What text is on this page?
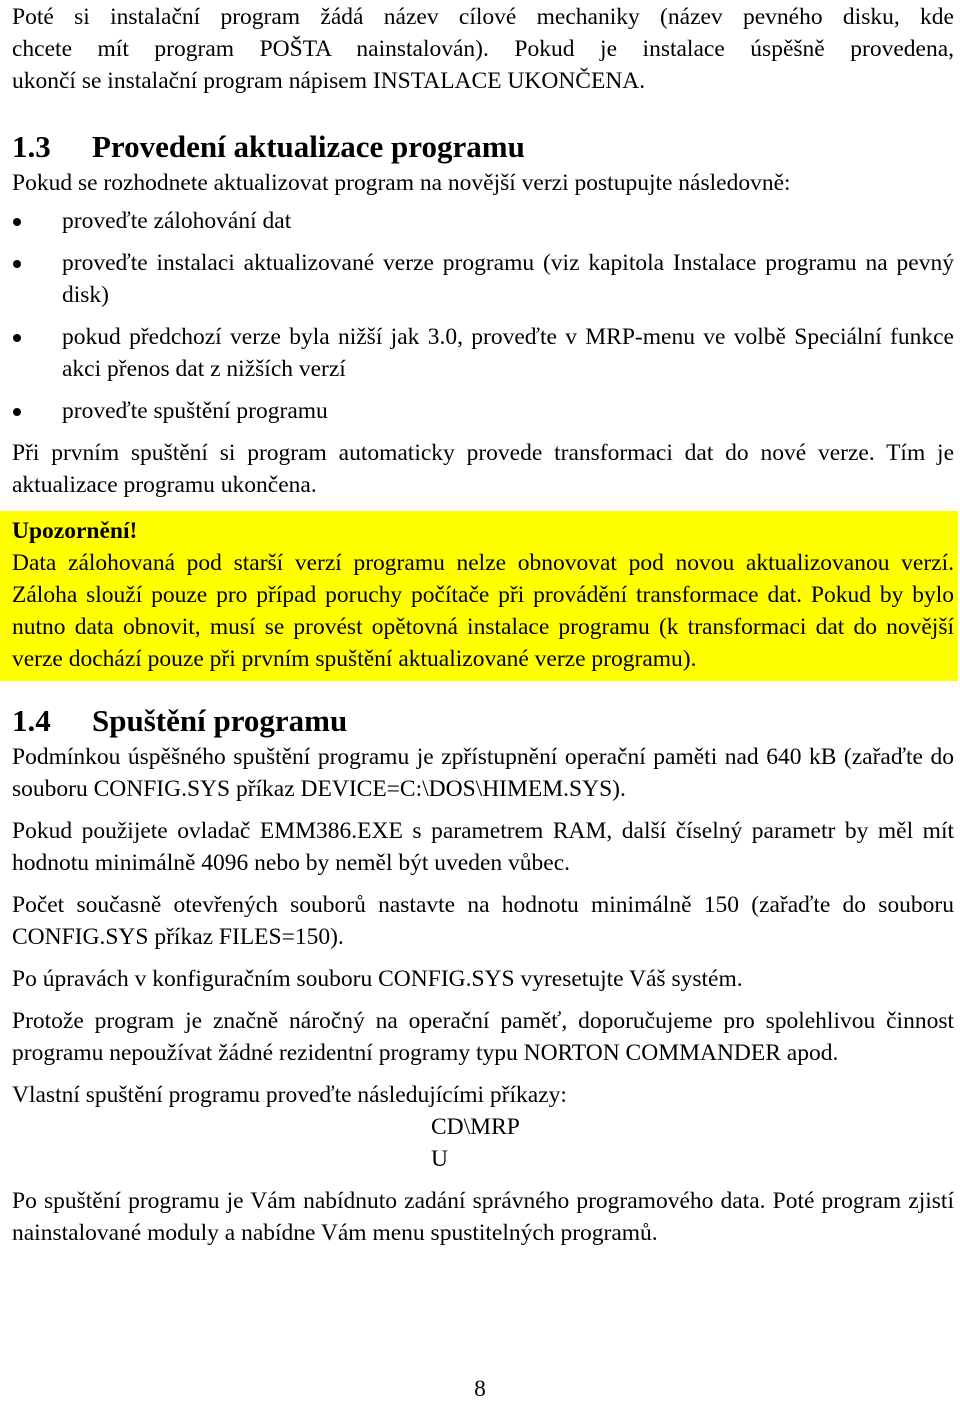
Poté si instalační program žádá název cílové mechaniky (název pevného disku, kde

chcete mít program POŠTA nainstalován). Pokud je instalace úspěšně provedena,

ukončí se instalační program nápisem INSTALACE UKONČENA.

1.3 Provedení aktualizace programu

Pokud se rozhodnete aktualizovat program na novější verzi postupujte následovně:

proveďte zálohování dat
proveďte instalaci aktualizované verze programu (viz kapitola Instalace programu na pevný disk)
pokud předchozí verze byla nižší jak 3.0, proveďte v MRP-menu ve volbě Speciální funkce akci přenos dat z nižších verzí
proveďte spuštění programu

Při prvním spuštění si program automaticky provede transformaci dat do nové verze. Tím je aktualizace programu ukončena.

Upozornění!

Data zálohovaná pod starší verzí programu nelze obnovovat pod novou aktualizovanou verzí. Záloha slouží pouze pro případ poruchy počítače při provádění transformace dat. Pokud by bylo nutno data obnovit, musí se provést opětovná instalace programu (k transformaci dat do novější verze dochází pouze při prvním spuštění aktualizované verze programu).

1.4 Spuštění programu

Podmínkou úspěšného spuštění programu je zpřístupnění operační paměti nad 640 kB (zařaďte do souboru CONFIG.SYS příkaz DEVICE=C:\DOS\HIMEM.SYS).

Pokud použijete ovladač EMM386.EXE s parametrem RAM, další číselný parametr by měl mít hodnotu minimálně 4096 nebo by neměl být uveden vůbec.

Počet současně otevřených souborů nastavte na hodnotu minimálně 150 (zařaďte do souboru CONFIG.SYS příkaz FILES=150).

Po úpravách v konfiguračním souboru CONFIG.SYS vyresetujte Váš systém.

Protože program je značně náročný na operační paměť, doporučujeme pro spolehlivou činnost programu nepoužívat žádné rezidentní programy typu NORTON COMMANDER apod.

Vlastní spuštění programu proveďte následujícími příkazy:

CD\MRP

U

Po spuštění programu je Vám nabídnuto zadání správného programového data. Poté program zjistí nainstalované moduly a nabídne Vám menu spustitelných programů.

8
